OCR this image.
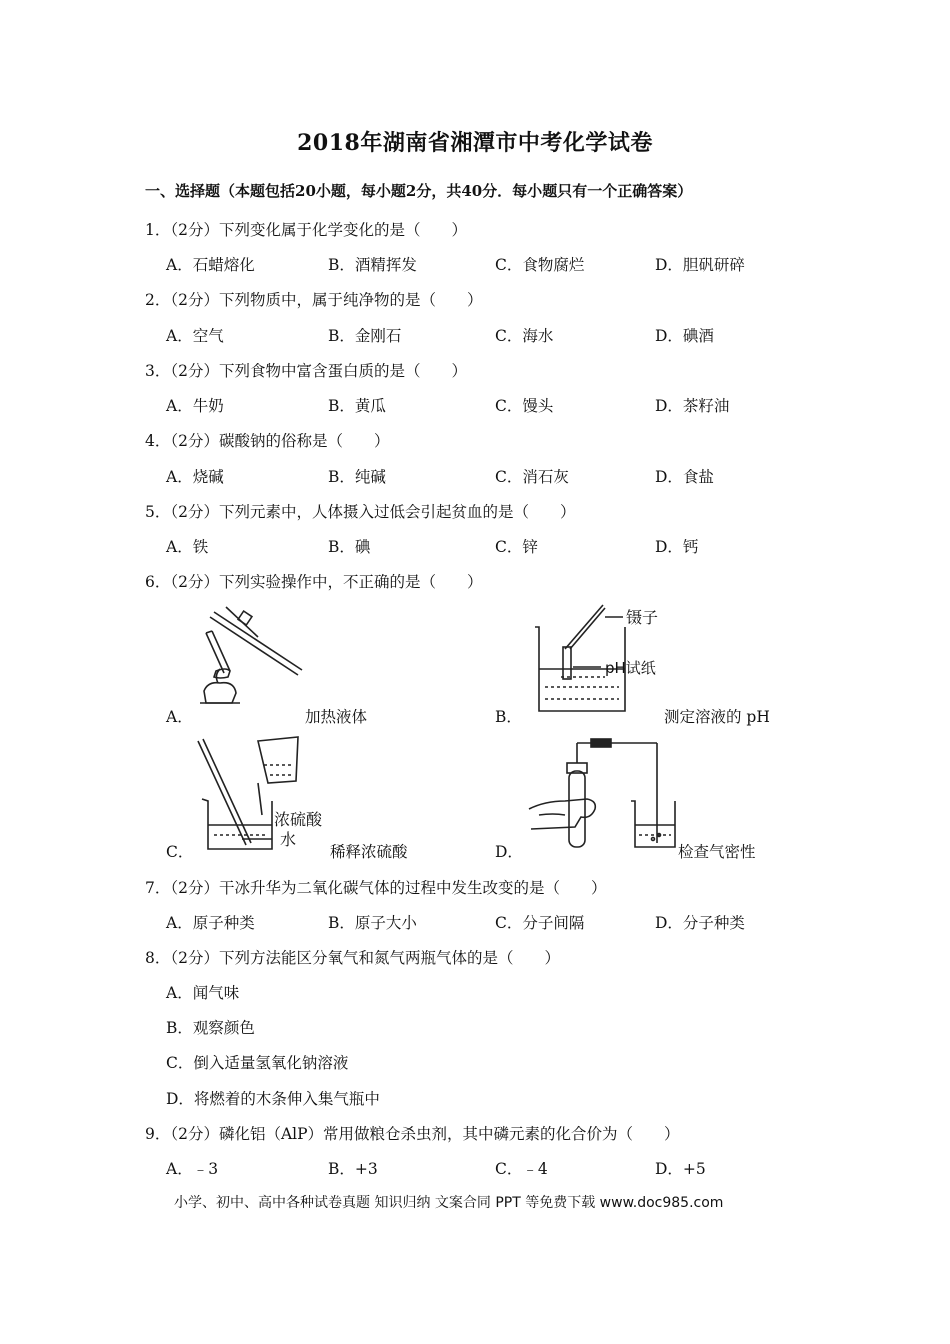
2018年湖南省湘潭市中考化学试卷
一、选择题（本题包括20小题，每小题2分，共40分．每小题只有一个正确答案）
1．（2分）下列变化属于化学变化的是（　　）
A．石蜡熔化	B．酒精挥发	C．食物腐烂	D．胆矾研碎
2．（2分）下列物质中，属于纯净物的是（　　）
A．空气	B．金刚石	C．海水	D．碘酒
3．（2分）下列食物中富含蛋白质的是（　　）
A．牛奶	B．黄瓜	C．馒头	D．茶籽油
4．（2分）碳酸钠的俗称是（　　）
A．烧碱	B．纯碱	C．消石灰	D．食盐
5．（2分）下列元素中，人体摄入过低会引起贫血的是（　　）
A．铁	B．碘	C．锌	D．钙
6．（2分）下列实验操作中，不正确的是（　　）
A．	加热液体
镊子
pH试纸
B．	测定溶液的 pH
浓硫酸
水
C．	稀释浓硫酸	D．	检查气密性
7．（2分）干冰升华为二氧化碳气体的过程中发生改变的是（　　）
A．原子种类	B．原子大小	C．分子间隔	D．分子种类
8．（2分）下列方法能区分氧气和氮气两瓶气体的是（　　）
A．闻气味
B．观察颜色
C．倒入适量氢氧化钠溶液
D．将燃着的木条伸入集气瓶中
9．（2分）磷化铝（AlP）常用做粮仓杀虫剂，其中磷元素的化合价为（　　）
A．﹣3	B．+3	C．﹣4	D．+5
小学、初中、高中各种试卷真题 知识归纳 文案合同 PPT 等免费下载 www.doc985.com
